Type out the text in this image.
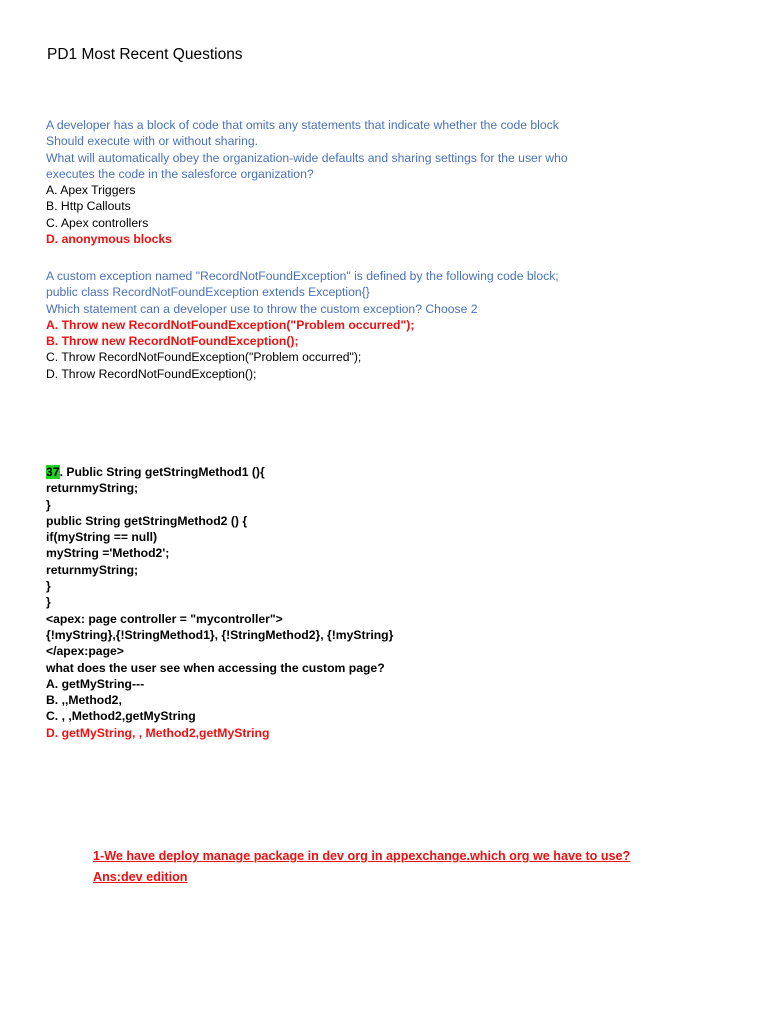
PD1 Most Recent Questions
A developer has a block of code that omits any statements that indicate whether the code block
Should execute with or without sharing.
What will automatically obey the organization-wide defaults and sharing settings for the user who
executes the code in the salesforce organization?
A. Apex Triggers
B. Http Callouts
C. Apex controllers
D. anonymous blocks
A custom exception named "RecordNotFoundException" is defined by the following code block;
public class RecordNotFoundException extends Exception{}
Which statement can a developer use to throw the custom exception? Choose 2
A. Throw new RecordNotFoundException("Problem occurred");
B. Throw new RecordNotFoundException();
C. Throw RecordNotFoundException("Problem occurred");
D. Throw RecordNotFoundException();
37. Public String getStringMethod1 (){
returnmyString;
}
public String getStringMethod2 () {
if(myString == null)
myString ='Method2';
returnmyString;
}
}
<apex: page controller = "mycontroller">
{!myString},{!StringMethod1}, {!StringMethod2}, {!myString}
</apex:page>
what does the user see when accessing the custom page?
A. getMyString---
B. ,,Method2,
C. , ,Method2,getMyString
D. getMyString, , Method2,getMyString
1-We have deploy manage package in dev org in appexchange.which org we have to use?
Ans:dev edition
